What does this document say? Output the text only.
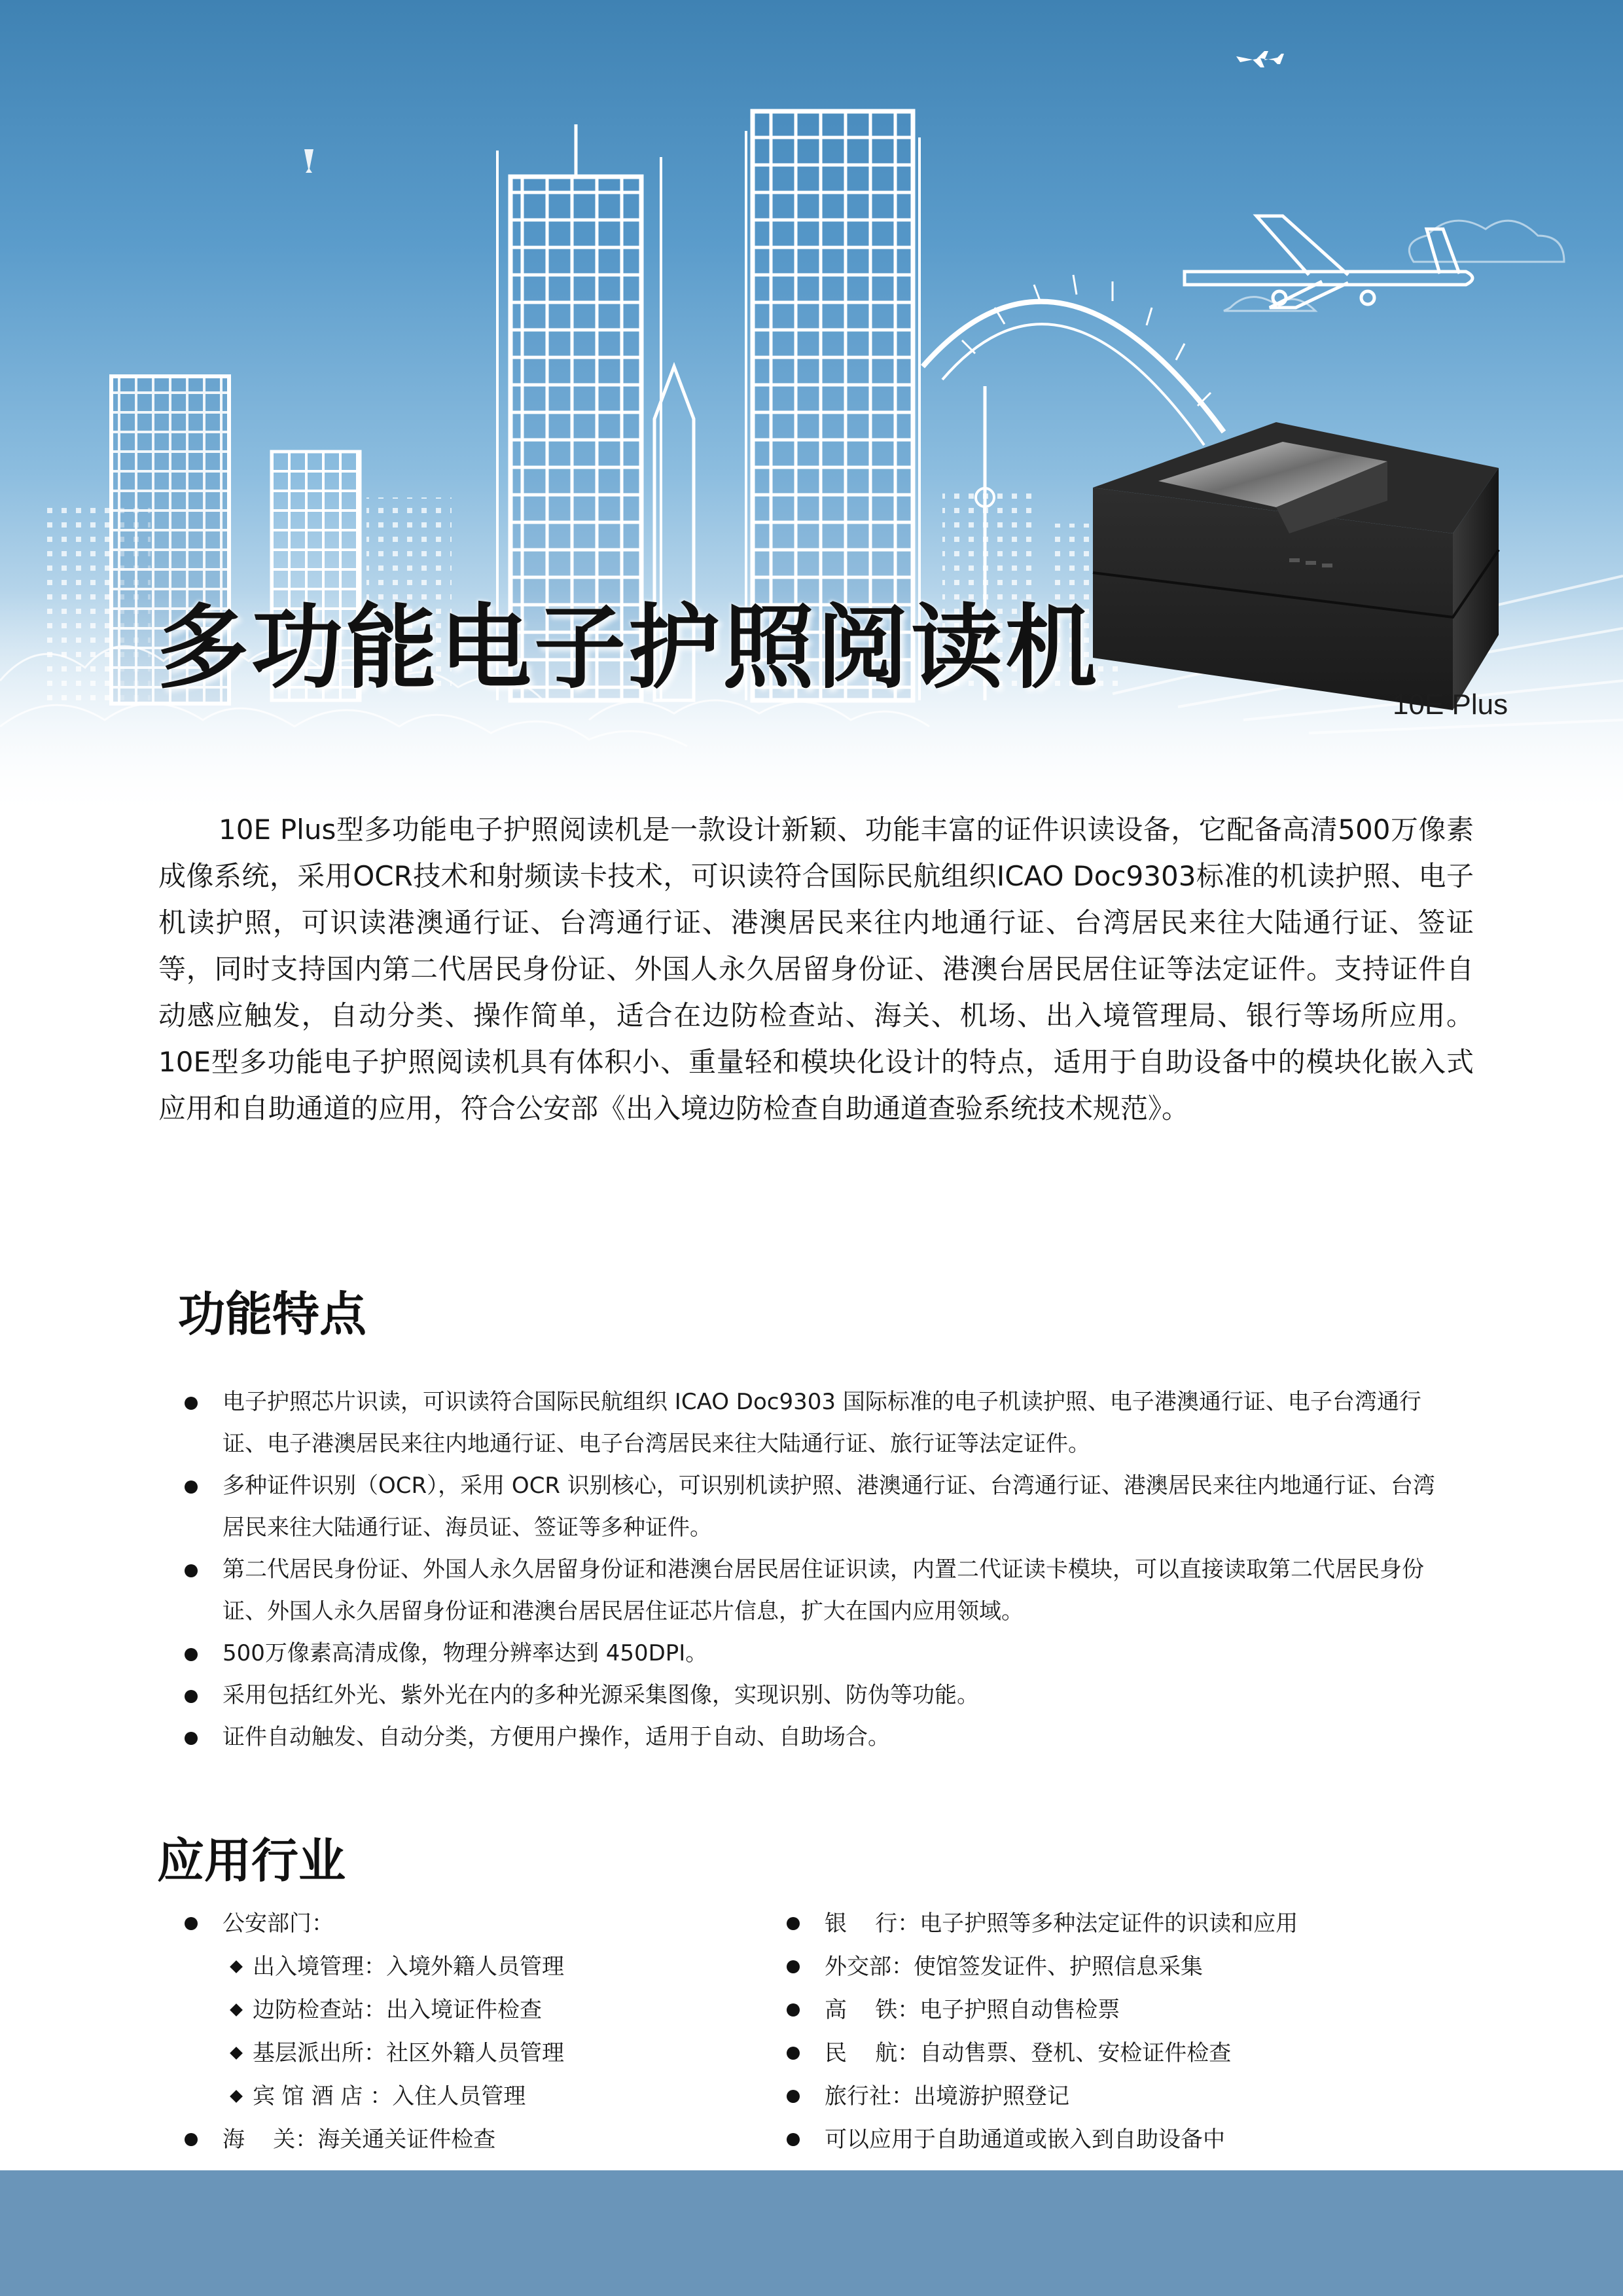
多功能电子护照阅读机
10E Plus

10E Plus型多功能电子护照阅读机是一款设计新颖、功能丰富的证件识读设备，它配备高清500万像素成像系统，采用OCR技术和射频读卡技术，可识读符合国际民航组织ICAO Doc9303标准的机读护照、电子机读护照，可识读港澳通行证、台湾通行证、港澳居民来往内地通行证、台湾居民来往大陆通行证、签证等，同时支持国内第二代居民身份证、外国人永久居留身份证、港澳台居民居住证等法定证件。支持证件自动感应触发，自动分类、操作简单，适合在边防检查站、海关、机场、出入境管理局、银行等场所应用。10E型多功能电子护照阅读机具有体积小、重量轻和模块化设计的特点，适用于自助设备中的模块化嵌入式应用和自助通道的应用，符合公安部《出入境边防检查自助通道查验系统技术规范》。

功能特点
电子护照芯片识读，可识读符合国际民航组织 ICAO Doc9303 国际标准的电子机读护照、电子港澳通行证、电子台湾通行证、电子港澳居民来往内地通行证、电子台湾居民来往大陆通行证、旅行证等法定证件。
多种证件识别（OCR），采用 OCR 识别核心，可识别机读护照、港澳通行证、台湾通行证、港澳居民来往内地通行证、台湾居民来往大陆通行证、海员证、签证等多种证件。
第二代居民身份证、外国人永久居留身份证和港澳台居民居住证识读，内置二代证读卡模块，可以直接读取第二代居民身份证、外国人永久居留身份证和港澳台居民居住证芯片信息，扩大在国内应用领域。
500万像素高清成像，物理分辨率达到 450DPI。
采用包括红外光、紫外光在内的多种光源采集图像，实现识别、防伪等功能。
证件自动触发、自动分类，方便用户操作，适用于自动、自助场合。
应用行业
公安部门：
出入境管理：入境外籍人员管理
边防检查站：出入境证件检查
基层派出所：社区外籍人员管理
宾 馆 酒 店 ：入住人员管理
海    关：海关通关证件检查
银    行：电子护照等多种法定证件的识读和应用
外交部：使馆签发证件、护照信息采集
高    铁：电子护照自动售检票
民    航：自动售票、登机、安检证件检查
旅行社：出境游护照登记
可以应用于自助通道或嵌入到自助设备中
